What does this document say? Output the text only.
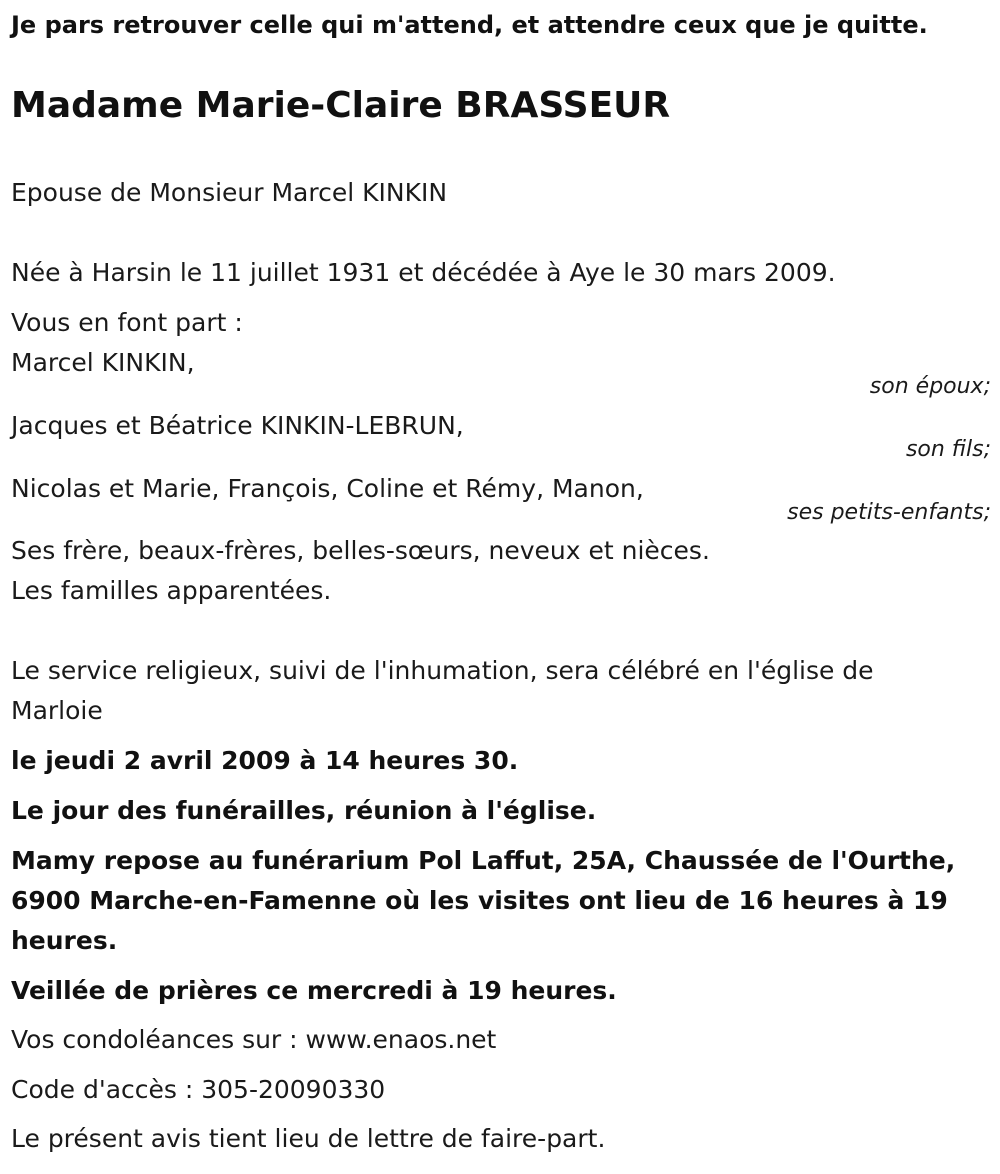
Je pars retrouver celle qui m'attend, et attendre ceux que je quitte.
Madame Marie-Claire BRASSEUR
Epouse de Monsieur Marcel KINKIN
Née à Harsin le 11 juillet 1931 et décédée à Aye le 30 mars 2009.
Vous en font part :
Marcel KINKIN,
son époux;
Jacques et Béatrice KINKIN-LEBRUN,
son fils;
Nicolas et Marie, François, Coline et Rémy, Manon,
ses petits-enfants;
Ses frère, beaux-frères, belles-sœurs, neveux et nièces.
Les familles apparentées.
Le service religieux, suivi de l'inhumation, sera célébré en l'église de
Marloie
le jeudi 2 avril 2009 à 14 heures 30.
Le jour des funérailles, réunion à l'église.
Mamy repose au funérarium Pol Laffut, 25A, Chaussée de l'Ourthe,
6900 Marche-en-Famenne où les visites ont lieu de 16 heures à 19
heures.
Veillée de prières ce mercredi à 19 heures.
Vos condoléances sur : www.enaos.net
Code d'accès : 305-20090330
Le présent avis tient lieu de lettre de faire-part.
